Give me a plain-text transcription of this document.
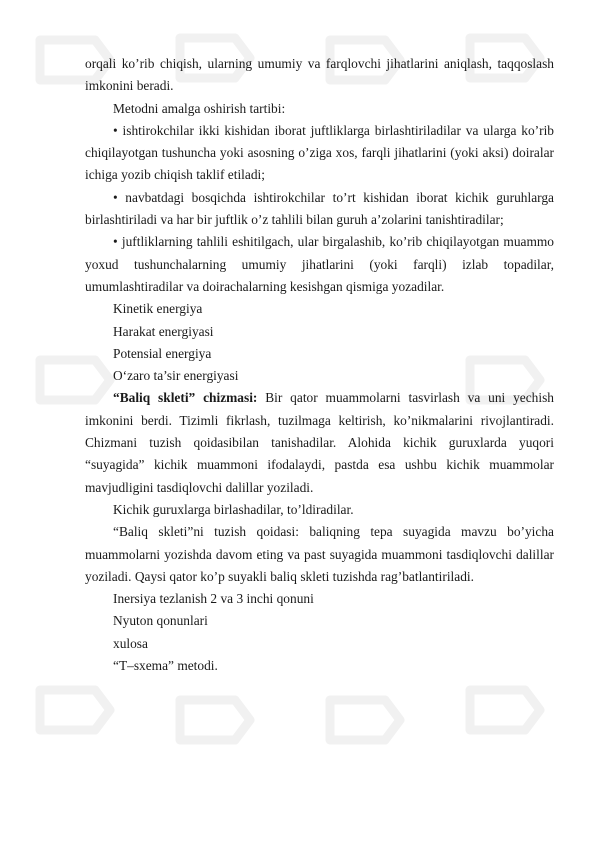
orqali ko’rib chiqish, ularning umumiy va farqlovchi jihatlarini aniqlash, taqqoslash imkonini beradi.

Metodni amalga oshirish tartibi:

• ishtirokchilar ikki kishidan iborat juftliklarga birlashtiriladilar va ularga ko’rib chiqilayotgan tushuncha yoki asosning o’ziga xos, farqli jihatlarini (yoki aksi) doiralar ichiga yozib chiqish taklif etiladi;

• navbatdagi bosqichda ishtirokchilar to’rt kishidan iborat kichik guruhlarga birlashtiriladi va har bir juftlik o’z tahlili bilan guruh a’zolarini tanishtiradilar;

• juftliklarning tahlili eshitilgach, ular birgalashib, ko’rib chiqilayotgan muammo yoxud tushunchalarning umumiy jihatlarini (yoki farqli) izlab topadilar, umumlashtiradilar va doirachalarning kesishgan qismiga yozadilar.

Kinetik energiya

Harakat energiyasi

Potensial energiya

O‘zaro ta’sir energiyasi

“Baliq skleti” chizmasi: Bir qator muammolarni tasvirlash va uni yechish imkonini berdi. Tizimli fikrlash, tuzilmaga keltirish, ko’nikmalarini rivojlantiradi. Chizmani tuzish qoidasibilan tanishadilar. Alohida kichik guruxlarda yuqori “suyagida” kichik muammoni ifodalaydi, pastda esa ushbu kichik muammolar mavjudligini tasdiqlovchi dalillar yoziladi.

Kichik guruxlarga birlashadilar, to’ldiradilar.

“Baliq skleti”ni tuzish qoidasi: baliqning tepa suyagida mavzu bo’yicha muammolarni yozishda davom eting va past suyagida muammoni tasdiqlovchi dalillar yoziladi. Qaysi qator ko’p suyakli baliq skleti tuzishda rag’batlantiriladi.

Inersiya tezlanish 2 va 3 inchi qonuni

Nyuton qonunlari

xulosa

“T–sxema” metodi.
